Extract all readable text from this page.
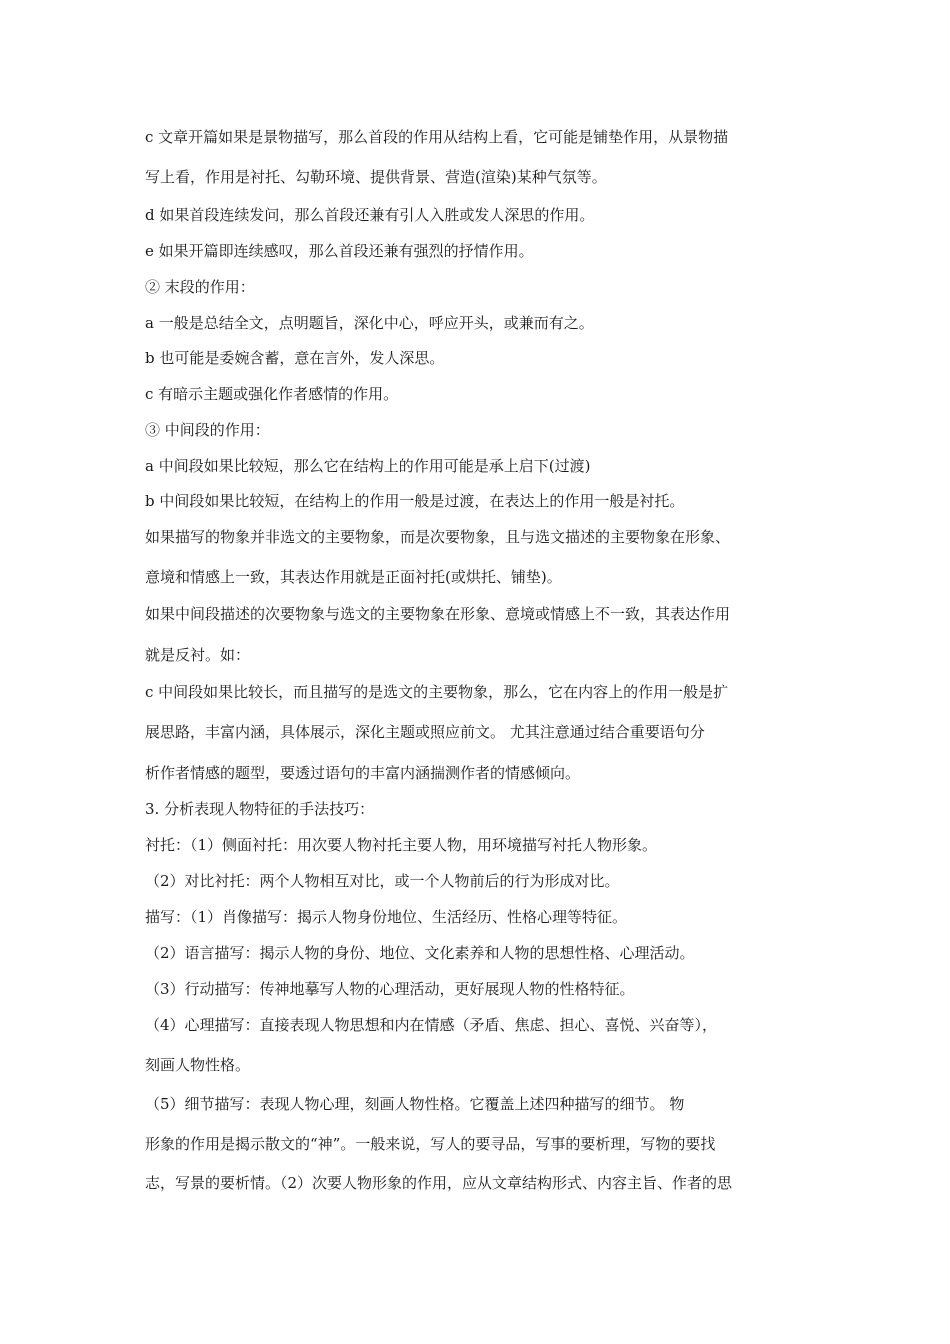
c 文章开篇如果是景物描写，那么首段的作用从结构上看，它可能是铺垫作用，从景物描
写上看，作用是衬托、勾勒环境、提供背景、营造(渲染)某种气氛等。
d 如果首段连续发问，那么首段还兼有引人入胜或发人深思的作用。
e 如果开篇即连续感叹，那么首段还兼有强烈的抒情作用。
② 末段的作用：
a 一般是总结全文，点明题旨，深化中心，呼应开头，或兼而有之。
b 也可能是委婉含蓄，意在言外，发人深思。
c 有暗示主题或强化作者感情的作用。
③ 中间段的作用：
a 中间段如果比较短，那么它在结构上的作用可能是承上启下(过渡)
b 中间段如果比较短，在结构上的作用一般是过渡，在表达上的作用一般是衬托。
如果描写的物象并非选文的主要物象，而是次要物象，且与选文描述的主要物象在形象、
意境和情感上一致，其表达作用就是正面衬托(或烘托、铺垫)。
如果中间段描述的次要物象与选文的主要物象在形象、意境或情感上不一致，其表达作用
就是反衬。如：
c 中间段如果比较长，而且描写的是选文的主要物象，那么，它在内容上的作用一般是扩
展思路，丰富内涵，具体展示，深化主题或照应前文。 尤其注意通过结合重要语句分
析作者情感的题型，要透过语句的丰富内涵揣测作者的情感倾向。
3. 分析表现人物特征的手法技巧：
衬托：（1）侧面衬托：用次要人物衬托主要人物，用环境描写衬托人物形象。
（2）对比衬托：两个人物相互对比，或一个人物前后的行为形成对比。
描写：（1）肖像描写：揭示人物身份地位、生活经历、性格心理等特征。
（2）语言描写：揭示人物的身份、地位、文化素养和人物的思想性格、心理活动。
（3）行动描写：传神地摹写人物的心理活动，更好展现人物的性格特征。
（4）心理描写：直接表现人物思想和内在情感（矛盾、焦虑、担心、喜悦、兴奋等），
刻画人物性格。
（5）细节描写：表现人物心理，刻画人物性格。它覆盖上述四种描写的细节。 物
形象的作用是揭示散文的“神”。一般来说，写人的要寻品，写事的要析理，写物的要找
志，写景的要析情。（2）次要人物形象的作用，应从文章结构形式、内容主旨、作者的思
